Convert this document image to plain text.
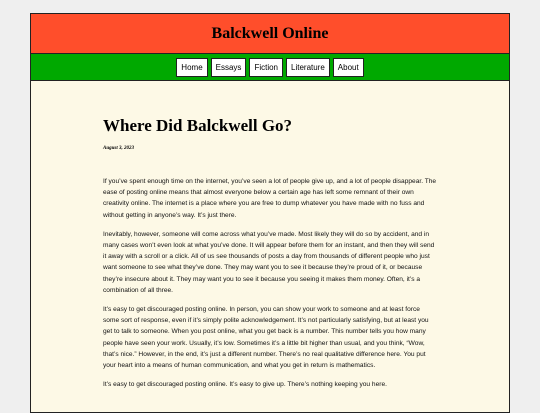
Balckwell Online
Home	Essays	Fiction	Literature	About
Where Did Balckwell Go?

August 3, 2023

If you’ve spent enough time on the internet, you’ve seen a lot of people give up, and a lot of people disappear. The ease of posting online means that almost everyone below a certain age has left some remnant of their own creativity online. The internet is a place where you are free to dump whatever you have made with no fuss and without getting in anyone’s way. It’s just there.

Inevitably, however, someone will come across what you’ve made. Most likely they will do so by accident, and in many cases won’t even look at what you’ve done. It will appear before them for an instant, and then they will send it away with a scroll or a click. All of us see thousands of posts a day from thousands of different people who just want someone to see what they’ve done. They may want you to see it because they’re proud of it, or because they’re insecure about it. They may want you to see it because you seeing it makes them money. Often, it’s a combination of all three.

It’s easy to get discouraged posting online. In person, you can show your work to someone and at least force some sort of response, even if it’s simply polite acknowledgement. It’s not particularly satisfying, but at least you get to talk to someone. When you post online, what you get back is a number. This number tells you how many people have seen your work. Usually, it’s low. Sometimes it’s a little bit higher than usual, and you think, “Wow, that’s nice.” However, in the end, it’s just a different number. There’s no real qualitative difference here. You put your heart into a means of human communication, and what you get in return is mathematics.

It’s easy to get discouraged posting online. It’s easy to give up. There’s nothing keeping you here.
